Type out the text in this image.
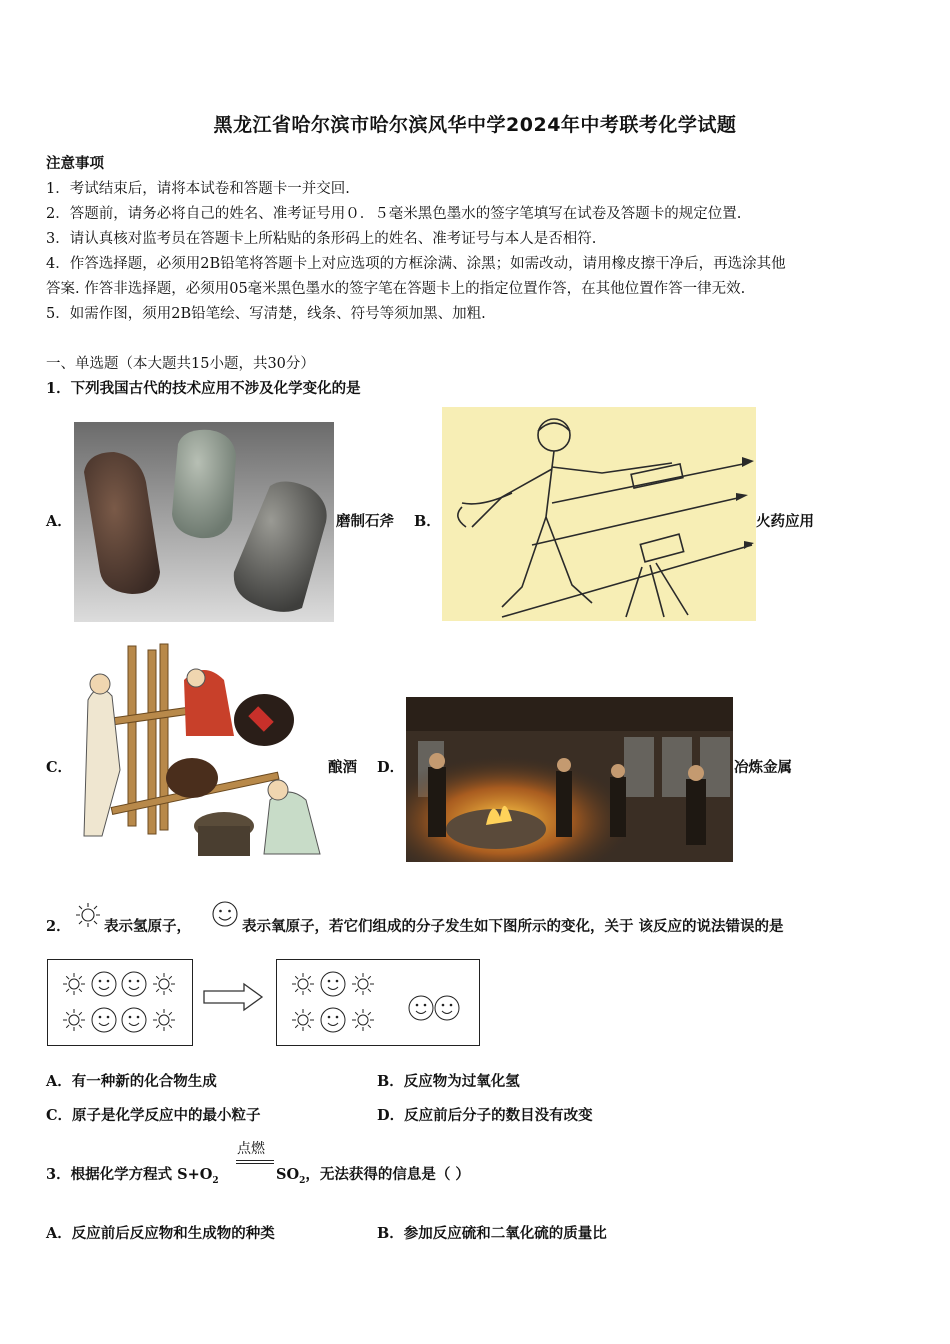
黑龙江省哈尔滨市哈尔滨风华中学2024年中考联考化学试题
注意事项
1．考试结束后，请将本试卷和答题卡一并交回.
2．答题前，请务必将自己的姓名、准考证号用０．５毫米黑色墨水的签字笔填写在试卷及答题卡的规定位置.
3．请认真核对监考员在答题卡上所粘贴的条形码上的姓名、准考证号与本人是否相符.
4．作答选择题，必须用2B铅笔将答题卡上对应选项的方框涂满、涂黑；如需改动，请用橡皮擦干净后，再选涂其他
答案. 作答非选择题，必须用05毫米黑色墨水的签字笔在答题卡上的指定位置作答，在其他位置作答一律无效.
5．如需作图，须用2B铅笔绘、写清楚，线条、符号等须加黑、加粗.
一、单选题（本大题共15小题，共30分）
1．下列我国古代的技术应用不涉及化学变化的是
A．	磨制石斧 B．	火药应用
C．	酿酒 D．	冶炼金属
2． 表示氢原子，	表示氧原子，若它们组成的分子发生如下图所示的变化，关于 该反应的说法错误的是
A．有一种新的化合物生成	B．反应物为过氧化氢
C．原子是化学反应中的最小粒子	D．反应前后分子的数目没有改变
3．根据化学方程式 $S+O_2$
点燃
$SO_2$，无法获得的信息是（ ）
A．反应前后反应物和生成物的种类	B．参加反应硫和二氧化硫的质量比
